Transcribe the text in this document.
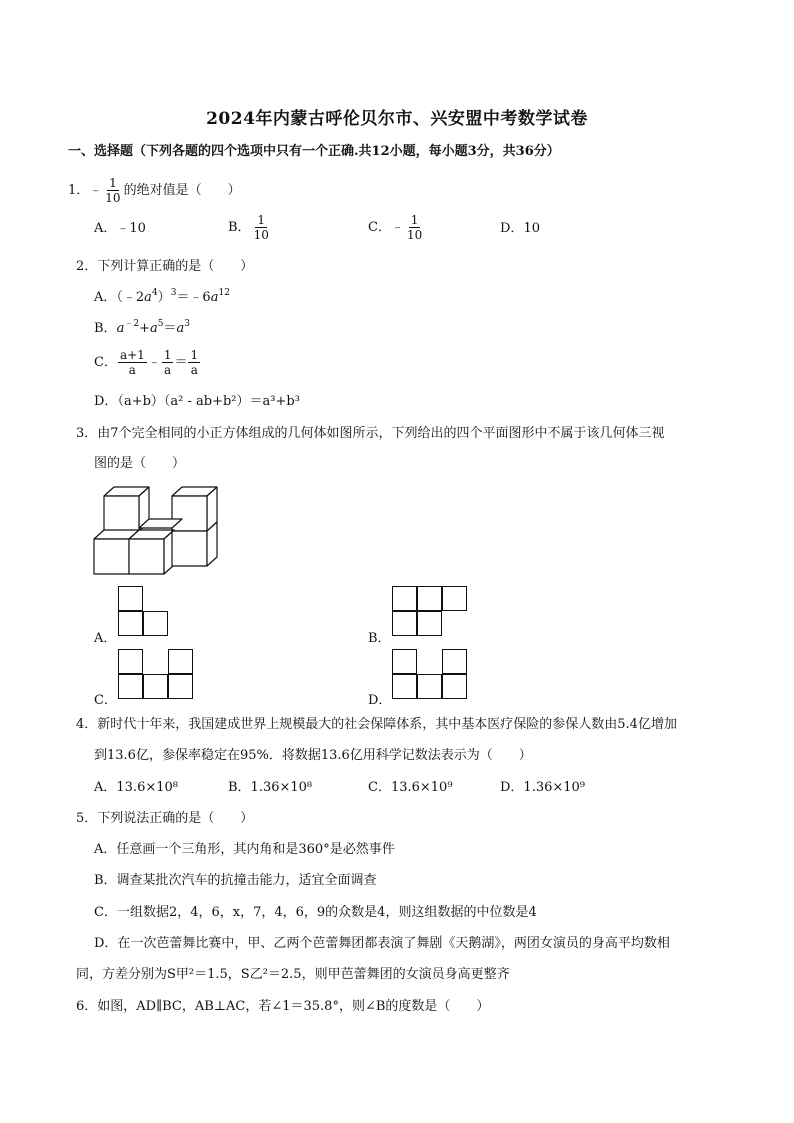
2024年内蒙古呼伦贝尔市、兴安盟中考数学试卷
一、选择题（下列各题的四个选项中只有一个正确.共12小题，每小题3分，共36分）
1．﹣ $\frac{1}{10}$ 的绝对值是（　　）
A．﹣10	B． $\frac{1}{10}$	C．﹣ $\frac{1}{10}$	D．10
2．下列计算正确的是（　　）
A．$(﹣2a^4)^3=﹣6a^{12}$
B．$a^{﹣2}+a^5=a^3$
C． $\frac{a+1}{a}$ ﹣ $\frac{1}{a} = \frac{1}{a}$
D．（a+b）（a² - ab+b²）＝a³+b³
3．由7个完全相同的小正方体组成的几何体如图所示，下列给出的四个平面图形中不属于该几何体三视
图的是（　　）
A．	B．
C．	D．
4．新时代十年来，我国建成世界上规模最大的社会保障体系，其中基本医疗保险的参保人数由5.4亿增加
到13.6亿，参保率稳定在95%．将数据13.6亿用科学记数法表示为（　　）
A．13.6×10⁸	B．1.36×10⁸	C．13.6×10⁹	D．1.36×10⁹
5．下列说法正确的是（　　）
A．任意画一个三角形，其内角和是360°是必然事件
B．调查某批次汽车的抗撞击能力，适宜全面调查
C．一组数据2，4，6，x，7，4，6，9的众数是4，则这组数据的中位数是4
D．在一次芭蕾舞比赛中，甲、乙两个芭蕾舞团都表演了舞剧《天鹅湖》，两团女演员的身高平均数相
同，方差分别为S甲²＝1.5，S乙²＝2.5，则甲芭蕾舞团的女演员身高更整齐
6．如图，AD∥BC，AB⊥AC，若∠1＝35.8°，则∠B的度数是（　　）
